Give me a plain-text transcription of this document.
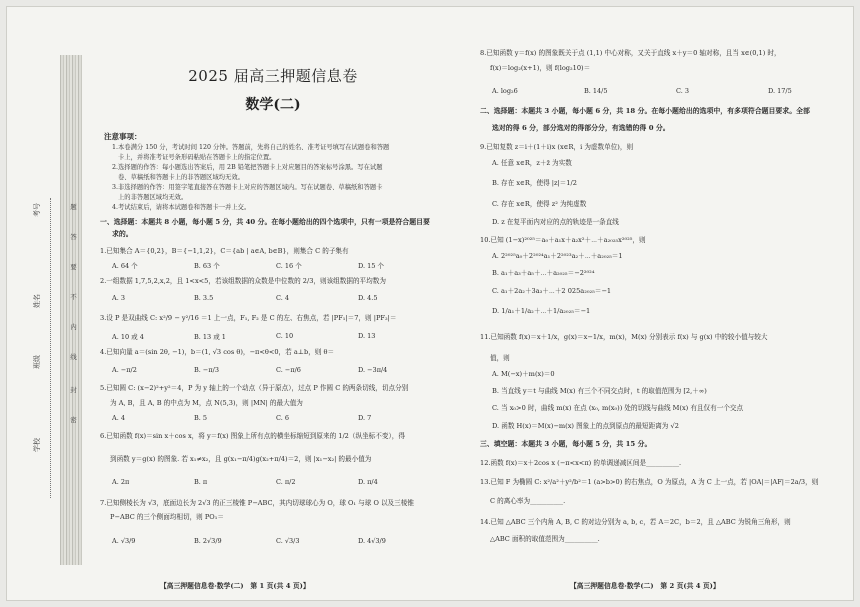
考号
姓名
班级
学校
密
封
线
内
不
要
答
题
2025 届高三押题信息卷
数学(二)
注意事项：
1.本卷满分 150 分，考试时间 120 分钟。答题前，先将自己的姓名、准考证号填写在试题卷和答题
卡上，并将准考证号条形码粘贴在答题卡上的指定位置。
2.选择题的作答：每小题选出答案后，用 2B 铅笔把答题卡上对应题目的答案标号涂黑。写在试题
卷、草稿纸和答题卡上的非答题区域均无效。
3.非选择题的作答：用签字笔直接答在答题卡上对应的答题区域内。写在试题卷、草稿纸和答题卡
上的非答题区域均无效。
4.考试结束后，请将本试题卷和答题卡一并上交。
一、选择题：本题共 8 小题，每小题 5 分，共 40 分。在每小题给出的四个选项中，只有一项是符合题目要
求的。
1.已知集合 A＝{0,2}，B＝{−1,1,2}，C＝{ab | a∈A, b∈B}，则集合 C 的子集有
A. 64 个	B. 63 个	C. 16 个	D. 15 个
2.一组数据 1,7,5,2,x,2，且 1<x<5，若该组数据的众数是中位数的 2/3，则该组数据的平均数为
A. 3	B. 3.5	C. 4	D. 4.5
3.设 P 是双曲线 C: x²/9 − y²/16 ＝1 上一点，F₁, F₂ 是 C 的左、右焦点，若 |PF₁|＝7，则 |PF₂|＝
A. 10 或 4	B. 13 或 1	C. 10	D. 13
4.已知向量 a＝(sin 2θ, −1)，b＝(1, √3 cos θ)，−π<θ<0，若 a⊥b，则 θ＝
A. −π/2	B. −π/3	C. −π/6	D. −3π/4
5.已知圆 C: (x−2)²+y²＝4，P 为 y 轴上的一个动点（异于原点），过点 P 作圆 C 的两条切线，切点分别
为 A, B，且 A, B 的中点为 M，点 N(5,3)，则 |MN| 的最大值为
A. 4	B. 5	C. 6	D. 7
6.已知函数 f(x)＝sin x＋cos x，将 y＝f(x) 图象上所有点的横坐标缩短到原来的 1/2（纵坐标不变），得
到函数 y＝g(x) 的图象. 若 x₁≠x₂，且 g(x₁−π/4)g(x₂+π/4)＝2，则 |x₁−x₂| 的最小值为
A. 2π	B. π	C. π/2	D. π/4
7.已知侧棱长为 √3，底面边长为 2√3 的正三棱锥 P−ABC，其内切球球心为 O，球 O₁ 与球 O 以及三棱锥
P−ABC 的三个侧面均相切，则 PO₁＝
A. √3/9	B. 2√3/9	C. √3/3	D. 4√3/9
【高三押题信息卷·数学(二)　第 1 页(共 4 页)】
8.已知函数 y＝f(x) 的图象既关于点 (1,1) 中心对称，又关于直线 x＋y＝0 轴对称，且当 x∈(0,1) 时，
f(x)＝log₂(x+1)，则 f(log₂10)＝
A. log₂6	B. 14/5	C. 3	D. 17/5
二、选择题：本题共 3 小题，每小题 6 分，共 18 分。在每小题给出的选项中，有多项符合题目要求。全部
选对的得 6 分，部分选对的得部分分，有选错的得 0 分。
9.已知复数 z＝i＋(1＋i)x (x∈R，i 为虚数单位)，则
A. 任意 x∈R，z＋z̄ 为实数
B. 存在 x∈R，使得 |z|＝1/2
C. 存在 x∈R，使得 z² 为纯虚数
D. z 在复平面内对应的点的轨迹是一条直线
10.已知 (1−x)²⁰²⁵＝a₀＋a₁x＋a₂x²＋⋯＋a₂₀₂₅x²⁰²⁵，则
A. 2²⁰²⁵a₀＋2²⁰²⁴a₁＋2²⁰²³a₂＋⋯＋a₂₀₂₅＝1
B. a₁＋a₃＋a₅＋⋯＋a₂₀₂₅＝−2²⁰²⁴
C. a₁＋2a₂＋3a₃＋⋯＋2 025a₂₀₂₅＝−1
D. 1/a₁＋1/a₂＋⋯＋1/a₂₀₂₅＝−1
11.已知函数 f(x)＝x＋1/x，g(x)＝x−1/x，m(x)，M(x) 分别表示 f(x) 与 g(x) 中的较小值与较大
值，则
A. M(−x)＋m(x)＝0
B. 当直线 y＝t 与曲线 M(x) 有三个不同交点时，t 的取值范围为 [2,＋∞)
C. 当 x₀>0 时，曲线 m(x) 在点 (x₀, m(x₀)) 处的切线与曲线 M(x) 有且仅有一个交点
D. 函数 H(x)＝M(x)−m(x) 图象上的点到原点的最短距离为 √2
三、填空题：本题共 3 小题，每小题 5 分，共 15 分。
12.函数 f(x)＝x＋2cos x (−π<x<π) 的单调递减区间是__________.
13.已知 F 为椭圆 C: x²/a²＋y²/b²＝1 (a>b>0) 的右焦点，O 为原点，A 为 C 上一点，若 |OA|＝|AF|＝2a/3，则
C 的离心率为__________.
14.已知 △ABC 三个内角 A, B, C 的对边分别为 a, b, c，若 A＝2C，b＝2，且 △ABC 为锐角三角形，则
△ABC 面积的取值范围为__________.
【高三押题信息卷·数学(二)　第 2 页(共 4 页)】
